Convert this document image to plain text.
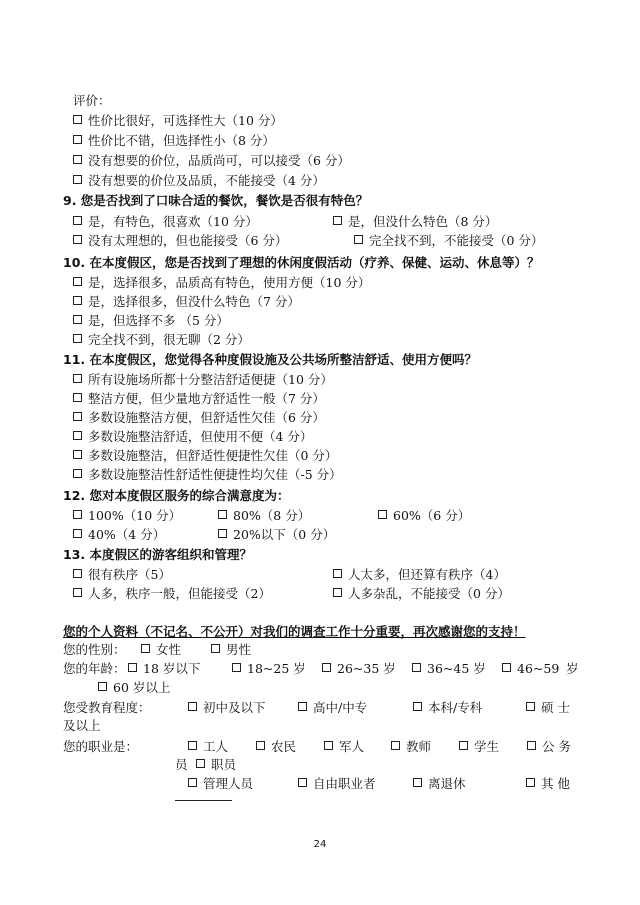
评价：
性价比很好，可选择性大（10 分）
性价比不错，但选择性小（8 分）
没有想要的价位，品质尚可，可以接受（6 分）
没有想要的价位及品质，不能接受（4 分）
9. 您是否找到了口味合适的餐饮，餐饮是否很有特色？
是，有特色，很喜欢（10 分）	是，但没什么特色（8 分）
没有太理想的，但也能接受（6 分）	完全找不到，不能接受（0 分）
10. 在本度假区，您是否找到了理想的休闲度假活动（疗养、保健、运动、休息等）？
是，选择很多，品质高有特色，使用方便（10 分）
是，选择很多，但没什么特色（7 分）
是，但选择不多 （5 分）
完全找不到，很无聊（2 分）
11. 在本度假区，您觉得各种度假设施及公共场所整洁舒适、使用方便吗？
所有设施场所都十分整洁舒适便捷（10 分）
整洁方便，但少量地方舒适性一般（7 分）
多数设施整洁方便，但舒适性欠佳（6 分）
多数设施整洁舒适，但使用不便（4 分）
多数设施整洁，但舒适性便捷性欠佳（0 分）
多数设施整洁性舒适性便捷性均欠佳（-5 分）
12. 您对本度假区服务的综合满意度为：
100%（10 分）	80%（8 分）	60%（6 分）
40%（4 分）	20%以下（0 分）
13. 本度假区的游客组织和管理？
很有秩序（5）	人太多，但还算有秩序（4）
人多，秩序一般，但能接受（2）	人多杂乱，不能接受（0 分）
您的个人资料（不记名、不公开）对我们的调查工作十分重要，再次感谢您的支持！
您的性别：	女性	男性
您的年龄：	18 岁以下	18~25 岁	26~35 岁	36~45 岁	46~59 岁
60 岁以上
您受教育程度：	初中及以下	高中/中专	本科/专科	硕 士
及以上
您的职业是：	工人	农民	军人	教师	学生	公 务
员	职员
管理人员	自由职业者	离退休	其 他
24
